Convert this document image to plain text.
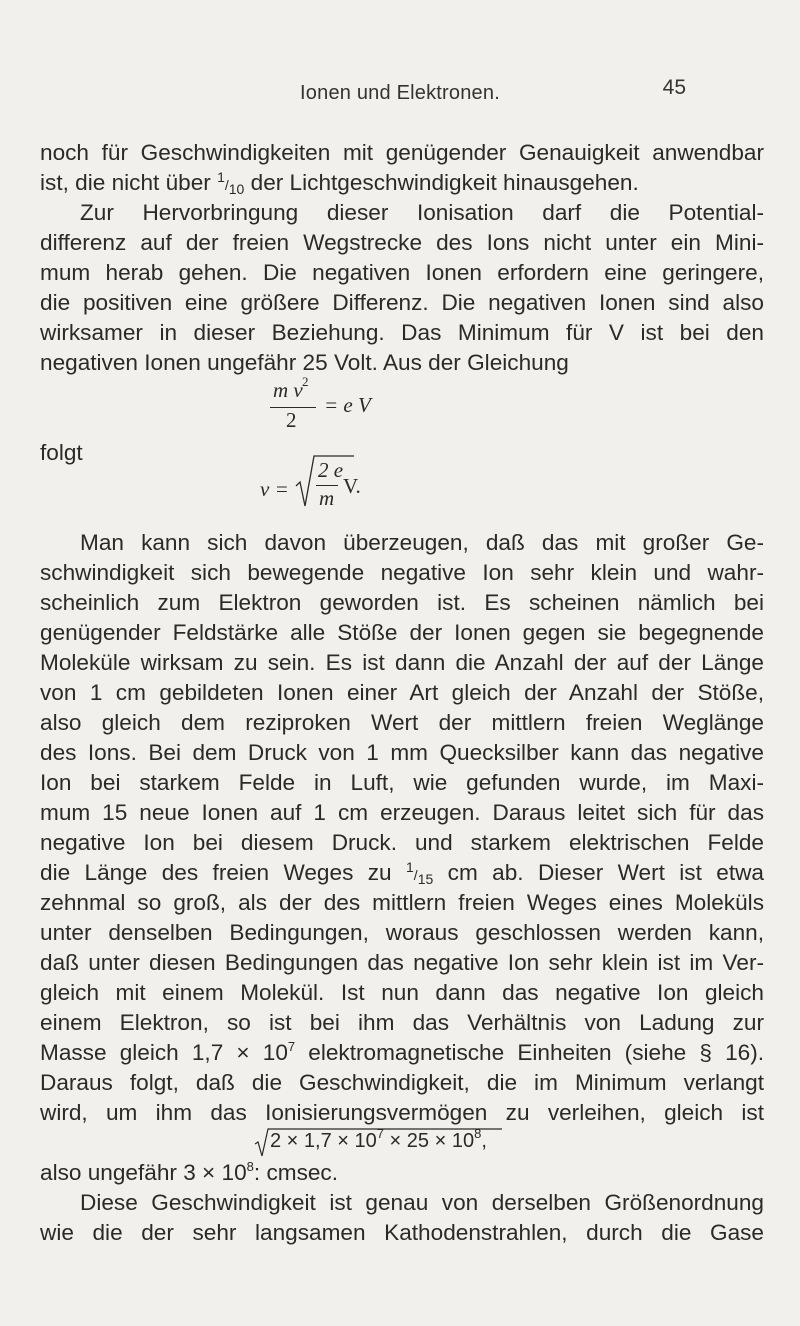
Ionen und Elektronen.	45
noch für Geschwindigkeiten mit genügender Genauigkeit anwendbar
ist, die nicht über 1/10 der Lichtgeschwindigkeit hinausgehen.
Zur Hervorbringung dieser Ionisation darf die Potential-
differenz auf der freien Wegstrecke des Ions nicht unter ein Mini-
mum herab gehen. Die negativen Ionen erfordern eine geringere,
die positiven eine größere Differenz. Die negativen Ionen sind also
wirksamer in dieser Beziehung. Das Minimum für V ist bei den
negativen Ionen ungefähr 25 Volt. Aus der Gleichung
m v 2
2
= e V
folgt
v =
2 e
m V.
Man kann sich davon überzeugen, daß das mit großer Ge-
schwindigkeit sich bewegende negative Ion sehr klein und wahr-
scheinlich zum Elektron geworden ist. Es scheinen nämlich bei
genügender Feldstärke alle Stöße der Ionen gegen sie begegnende
Moleküle wirksam zu sein. Es ist dann die Anzahl der auf der Länge
von 1 cm gebildeten Ionen einer Art gleich der Anzahl der Stöße,
also gleich dem reziproken Wert der mittlern freien Weglänge
des Ions. Bei dem Druck von 1 mm Quecksilber kann das negative
Ion bei starkem Felde in Luft, wie gefunden wurde, im Maxi-
mum 15 neue Ionen auf 1 cm erzeugen. Daraus leitet sich für das
negative Ion bei diesem Druck. und starkem elektrischen Felde
die Länge des freien Weges zu 1/15 cm ab. Dieser Wert ist etwa
zehnmal so groß, als der des mittlern freien Weges eines Moleküls
unter denselben Bedingungen, woraus geschlossen werden kann,
daß unter diesen Bedingungen das negative Ion sehr klein ist im Ver-
gleich mit einem Molekül. Ist nun dann das negative Ion gleich
einem Elektron, so ist bei ihm das Verhältnis von Ladung zur
Masse gleich $1,7 \times 10^7$ elektromagnetische Einheiten (siehe § 16).
Daraus folgt, daß die Geschwindigkeit, die im Minimum verlangt
wird, um ihm das Ionisierungsvermögen zu verleihen, gleich ist
$2 \times 1,7 \times 10^7 \times 25 \times 10^8$,
also ungefähr $3 \times 10^8$: cmsec.
Diese Geschwindigkeit ist genau von derselben Größenordnung
wie die der sehr langsamen Kathodenstrahlen, durch die Gase
